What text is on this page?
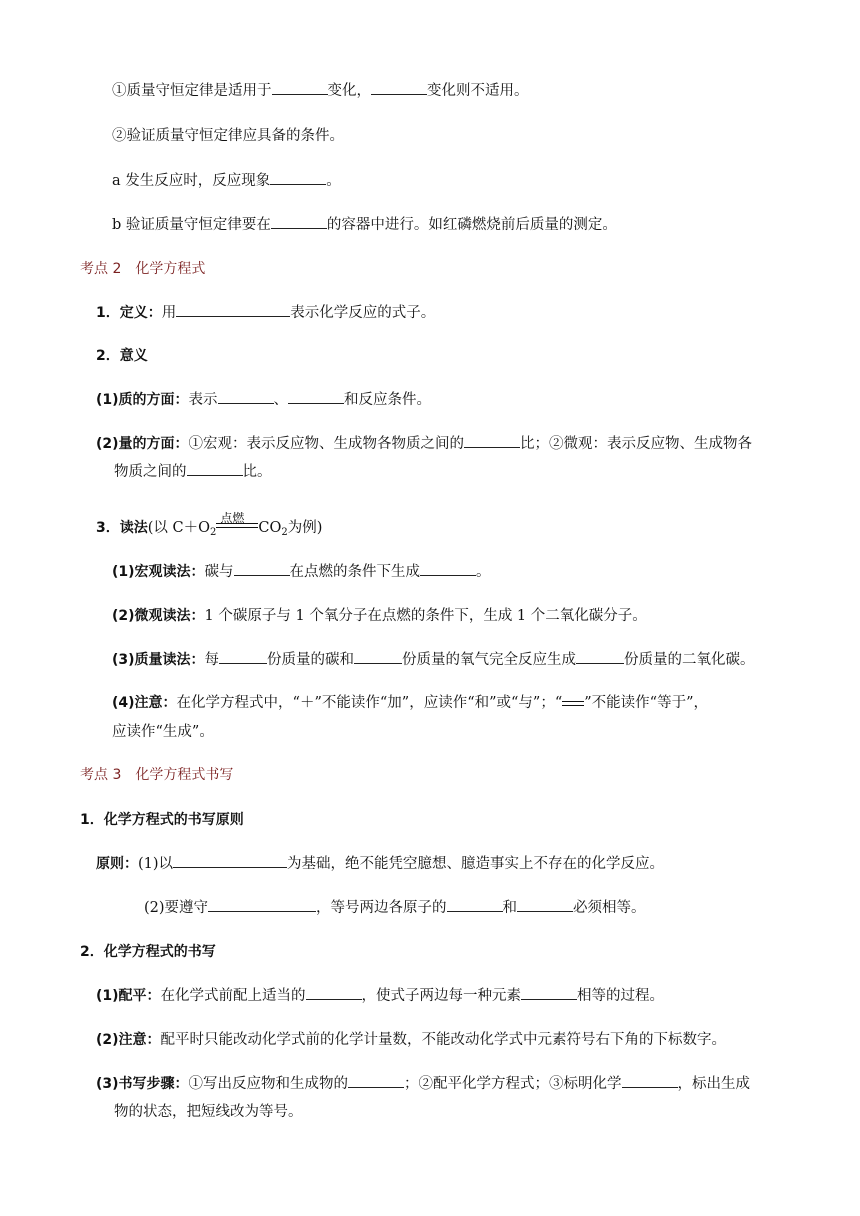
①质量守恒定律是适用于	变化，	变化则不适用。
②验证质量守恒定律应具备的条件。
a 发生反应时，反应现象	。
b 验证质量守恒定律要在	的容器中进行。如红磷燃烧前后质量的测定。
考点 2　化学方程式
1．定义：用	表示化学反应的式子。
2．意义
(1)质的方面：表示	、	和反应条件。
(2)量的方面：①宏观：表示反应物、生成物各物质之间的	比；②微观：表示反应物、生成物各
物质之间的	比。
3．读法(以 $C+O_2$
点燃
$CO_2$为例)
(1)宏观读法：碳与	在点燃的条件下生成	。
(2)微观读法：1 个碳原子与 1 个氧分子在点燃的条件下，生成 1 个二氧化碳分子。
(3)质量读法：每	份质量的碳和	份质量的氧气完全反应生成	份质量的二氧化碳。
(4)注意：在化学方程式中，“＋”不能读作“加”，应读作“和”或“与”；“ ”不能读作“等于”，
应读作“生成”。
考点 3　化学方程式书写
1．化学方程式的书写原则
原则：(1)以	为基础，绝不能凭空臆想、臆造事实上不存在的化学反应。
(2)要遵守	，等号两边各原子的	和	必须相等。
2．化学方程式的书写
(1)配平：在化学式前配上适当的	，使式子两边每一种元素	相等的过程。
(2)注意：配平时只能改动化学式前的化学计量数，不能改动化学式中元素符号右下角的下标数字。
(3)书写步骤：①写出反应物和生成物的	；②配平化学方程式；③标明化学	，标出生成
物的状态，把短线改为等号。
